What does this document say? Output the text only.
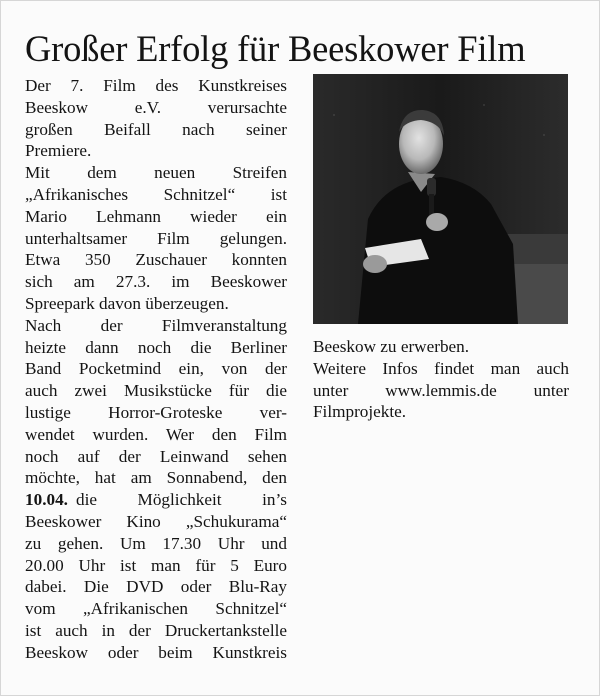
Großer Erfolg für Beeskower Film
Der 7. Film des Kunstkreises
Beeskow e.V. verursachte
großen Beifall nach seiner
Premiere.
Mit dem neuen Streifen
„Afrikanisches Schnitzel“ ist
Mario Lehmann wieder ein
unterhaltsamer Film gelungen.
Etwa 350 Zuschauer konnten
sich am 27.3. im Beeskower
Spreepark davon überzeugen.
Nach der Filmveranstaltung
heizte dann noch die Berliner
Band Pocketmind ein, von der
auch zwei Musikstücke für die
lustige Horror-Groteske ver-
wendet wurden. Wer den Film
noch auf der Leinwand sehen
möchte, hat am Sonnabend, den
10.04. die Möglichkeit in’s
Beeskower Kino „Schukurama“
zu gehen. Um 17.30 Uhr und
20.00 Uhr ist man für 5 Euro
dabei. Die DVD oder Blu-Ray
vom „Afrikanischen Schnitzel“
ist auch in der Druckertankstelle
Beeskow oder beim Kunstkreis
Beeskow zu erwerben.
Weitere Infos findet man auch
unter www.lemmis.de unter
Filmprojekte.
